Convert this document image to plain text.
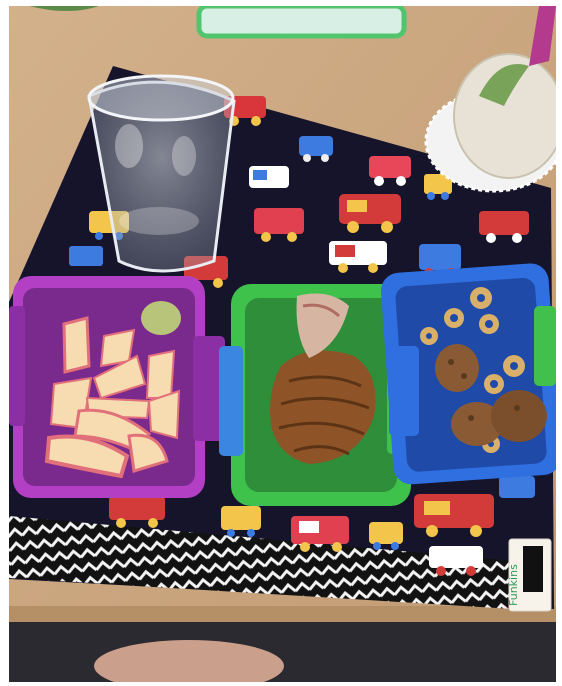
Funkins
